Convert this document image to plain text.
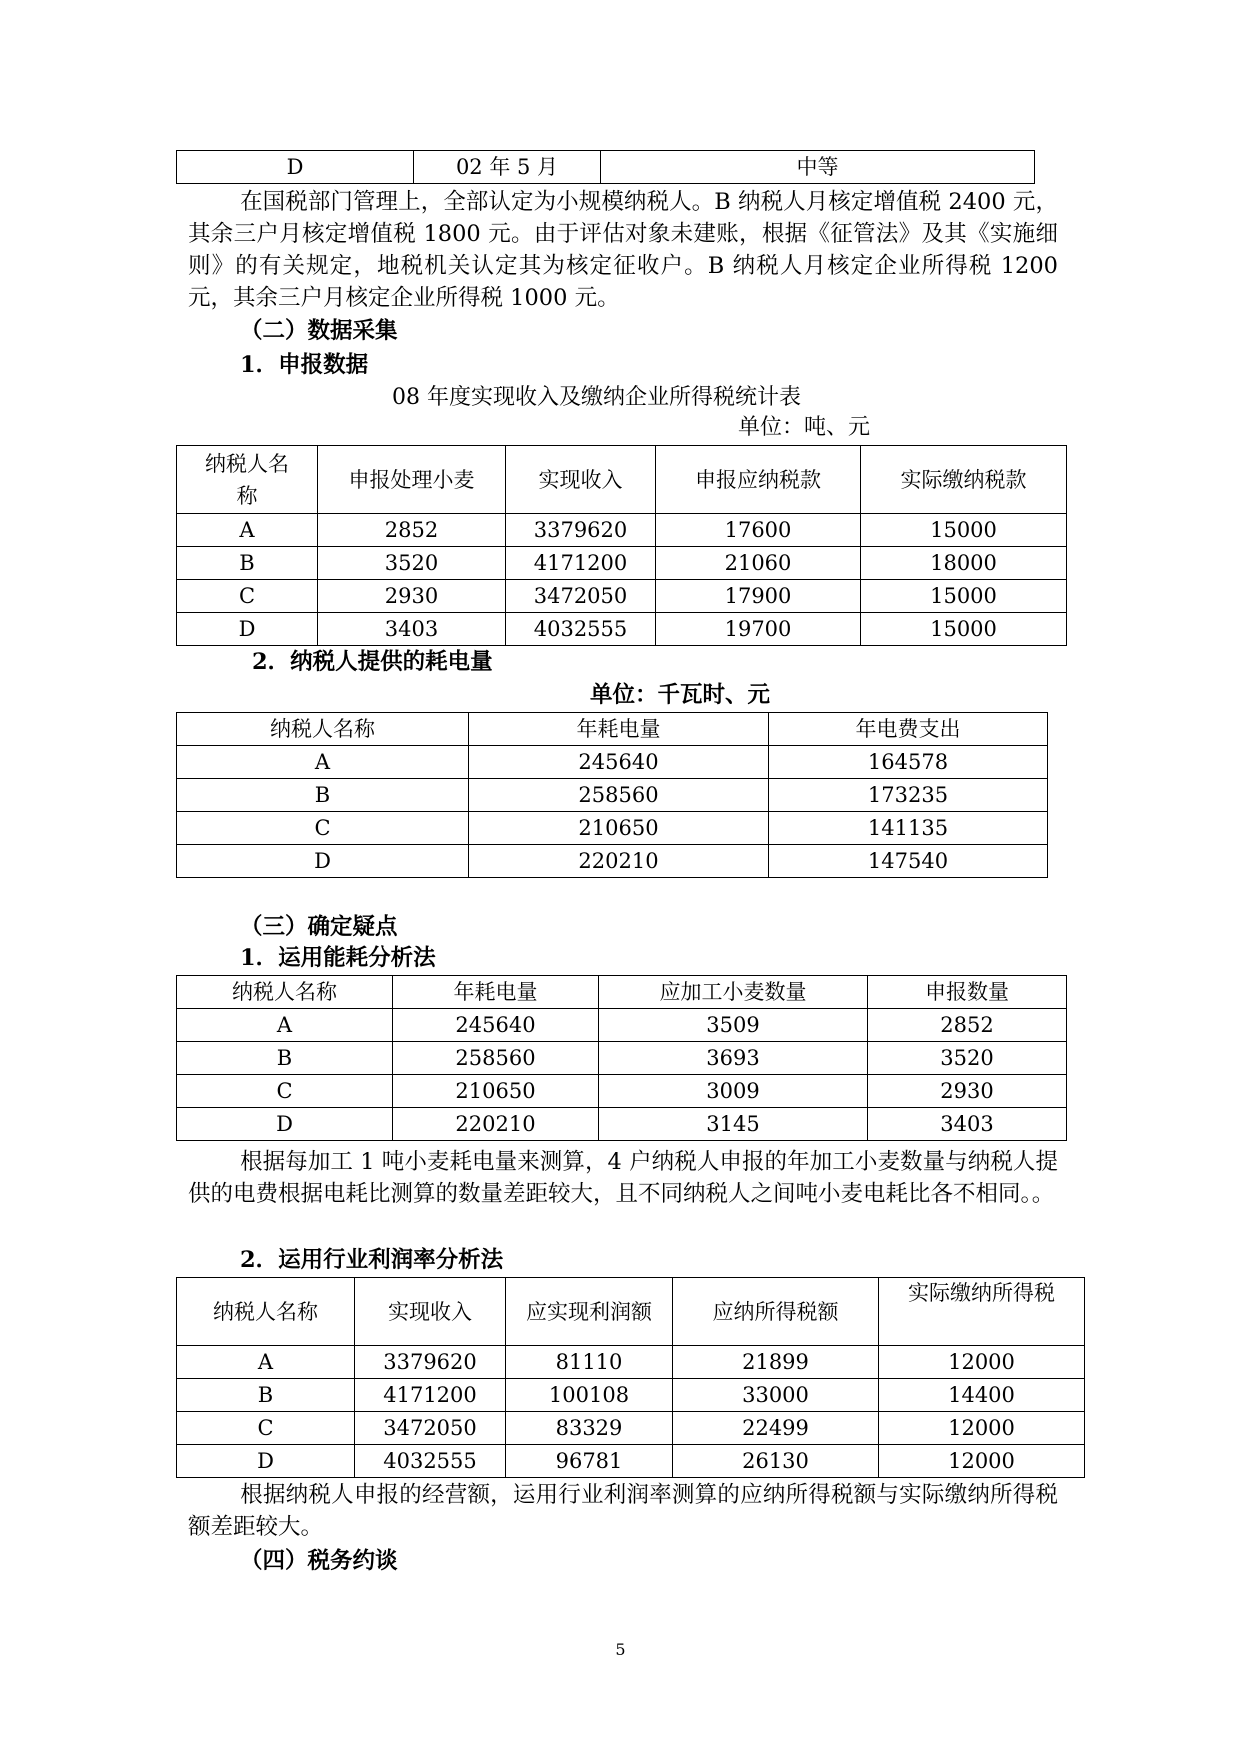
D	02 年 5 月	中等
在国税部门管理上，全部认定为小规模纳税人。B 纳税人月核定增值税 2400 元，其余三户月核定增值税 1800 元。由于评估对象未建账，根据《征管法》及其《实施细则》的有关规定，地税机关认定其为核定征收户。B 纳税人月核定企业所得税 1200 元，其余三户月核定企业所得税 1000 元。
（二）数据采集
1．申报数据
08 年度实现收入及缴纳企业所得税统计表
单位：吨、元
纳税人名称	申报处理小麦	实现收入	申报应纳税款	实际缴纳税款
A	2852	3379620	17600	15000
B	3520	4171200	21060	18000
C	2930	3472050	17900	15000
D	3403	4032555	19700	15000
2．纳税人提供的耗电量
单位：千瓦时、元
纳税人名称	年耗电量	年电费支出
A	245640	164578
B	258560	173235
C	210650	141135
D	220210	147540
（三）确定疑点
1．运用能耗分析法
纳税人名称	年耗电量	应加工小麦数量	申报数量
A	245640	3509	2852
B	258560	3693	3520
C	210650	3009	2930
D	220210	3145	3403
根据每加工 1 吨小麦耗电量来测算，4 户纳税人申报的年加工小麦数量与纳税人提供的电费根据电耗比测算的数量差距较大，且不同纳税人之间吨小麦电耗比各不相同。。
2．运用行业利润率分析法
纳税人名称	实现收入	应实现利润额	应纳所得税额	实际缴纳所得税
A	3379620	81110	21899	12000
B	4171200	100108	33000	14400
C	3472050	83329	22499	12000
D	4032555	96781	26130	12000
根据纳税人申报的经营额，运用行业利润率测算的应纳所得税额与实际缴纳所得税额差距较大。
（四）税务约谈
5
